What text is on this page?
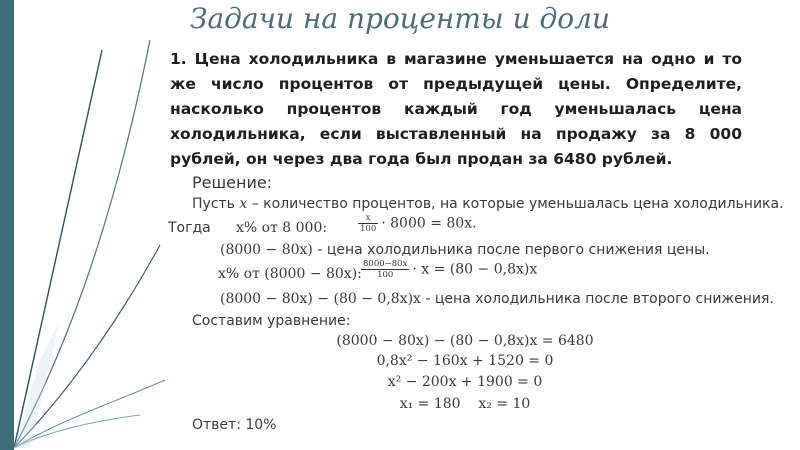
Задачи на проценты и доли
1. Цена холодильника в магазине уменьшается на одно и то же число процентов от предыдущей цены. Определите, насколько процентов каждый год уменьшалась цена холодильника, если выставленный на продажу за 8 000 рублей, он через два года был продан за 6480 рублей.
Решение:
Пусть x – количество процентов, на которые уменьшалась цена холодильника.
Тогда x% от 8 000:	$\frac{x}{100} \cdot 8000 = 80x$.
(8000 − 80x) - цена холодильника после первого снижения цены.
x% от (8000 − 80x): $\frac{8000-80x}{100} \cdot x = (80 - 0,8x)x$
(8000 − 80x) − (80 − 0,8x)x - цена холодильника после второго снижения.
Составим уравнение:
(8000 − 80x) − (80 − 0,8x)x = 6480
0,8x² − 160x + 1520 = 0
x² − 200x + 1900 = 0
x₁ = 180    x₂ = 10
Ответ: 10%
